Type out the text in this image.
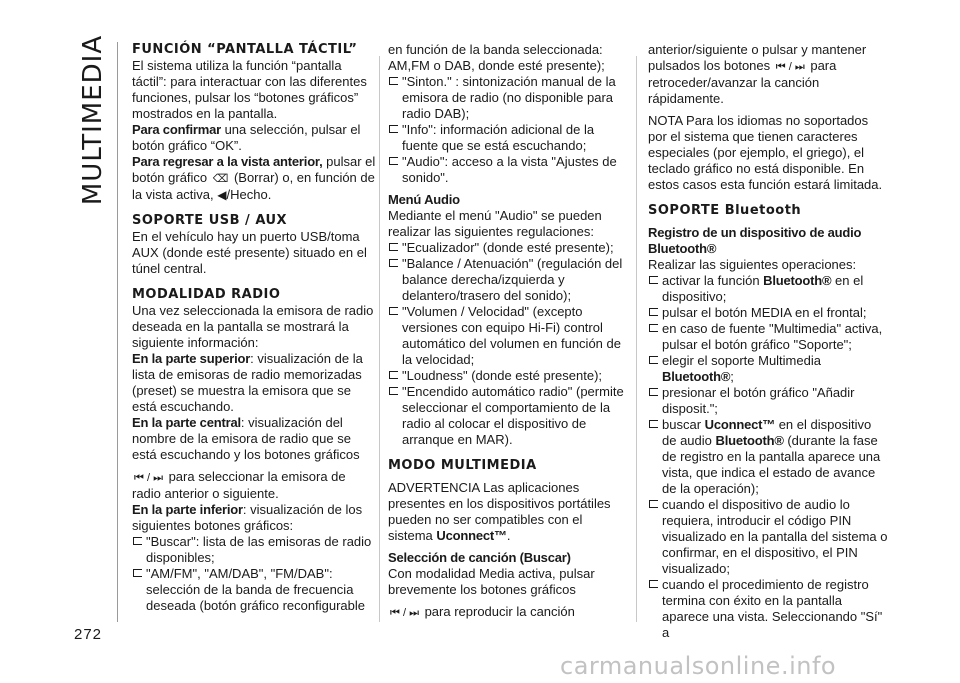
MULTIMEDIA
272
FUNCIÓN “PANTALLA TÁCTIL”

El sistema utiliza la función “pantalla táctil”: para interactuar con las diferentes funciones, pulsar los “botones gráficos” mostrados en la pantalla.

Para confirmar una selección, pulsar el botón gráfico “OK”.

Para regresar a la vista anterior, pulsar el botón gráfico ⌫ (Borrar) o, en función de la vista activa, ◀/Hecho.

SOPORTE USB / AUX

En el vehículo hay un puerto USB/toma AUX (donde esté presente) situado en el túnel central.

MODALIDAD RADIO

Una vez seleccionada la emisora de radio deseada en la pantalla se mostrará la siguiente información:

En la parte superior: visualización de la lista de emisoras de radio memorizadas (preset) se muestra la emisora que se está escuchando.

En la parte central: visualización del nombre de la emisora de radio que se está escuchando y los botones gráficos

⏮ / ⏭ para seleccionar la emisora de radio anterior o siguiente.

En la parte inferior: visualización de los siguientes botones gráficos:

"Buscar": lista de las emisoras de radio disponibles;
"AM/FM", "AM/DAB", "FM/DAB": selección de la banda de frecuencia deseada (botón gráfico reconfigurable

en función de la banda seleccionada: AM,FM o DAB, donde esté presente);

"Sinton." : sintonización manual de la emisora de radio (no disponible para radio DAB);
"Info": información adicional de la fuente que se está escuchando;
"Audio": acceso a la vista "Ajustes de sonido".

Menú Audio

Mediante el menú "Audio" se pueden realizar las siguientes regulaciones:

"Ecualizador" (donde esté presente);
"Balance / Atenuación" (regulación del balance derecha/izquierda y delantero/trasero del sonido);
"Volumen / Velocidad" (excepto versiones con equipo Hi-Fi) control automático del volumen en función de la velocidad;
"Loudness" (donde esté presente);
"Encendido automático radio" (permite seleccionar el comportamiento de la radio al colocar el dispositivo de arranque en MAR).
MODO MULTIMEDIA

ADVERTENCIA Las aplicaciones presentes en los dispositivos portátiles pueden no ser compatibles con el sistema Uconnect™.

Selección de canción (Buscar)

Con modalidad Media activa, pulsar brevemente los botones gráficos

⏮ / ⏭ para reproducir la canción

anterior/siguiente o pulsar y mantener pulsados los botones ⏮ / ⏭ para retroceder/avanzar la canción rápidamente.

NOTA Para los idiomas no soportados por el sistema que tienen caracteres especiales (por ejemplo, el griego), el teclado gráfico no está disponible. En estos casos esta función estará limitada.

SOPORTE Bluetooth

Registro de un dispositivo de audio Bluetooth®

Realizar las siguientes operaciones:

activar la función Bluetooth® en el dispositivo;
pulsar el botón MEDIA en el frontal;
en caso de fuente "Multimedia" activa, pulsar el botón gráfico "Soporte";
elegir el soporte Multimedia Bluetooth®;
presionar el botón gráfico "Añadir disposit.";
buscar Uconnect™ en el dispositivo de audio Bluetooth® (durante la fase de registro en la pantalla aparece una vista, que indica el estado de avance de la operación);
cuando el dispositivo de audio lo requiera, introducir el código PIN visualizado en la pantalla del sistema o confirmar, en el dispositivo, el PIN visualizado;
cuando el procedimiento de registro termina con éxito en la pantalla aparece una vista. Seleccionando "Sí" a
carmanualsonline.info
